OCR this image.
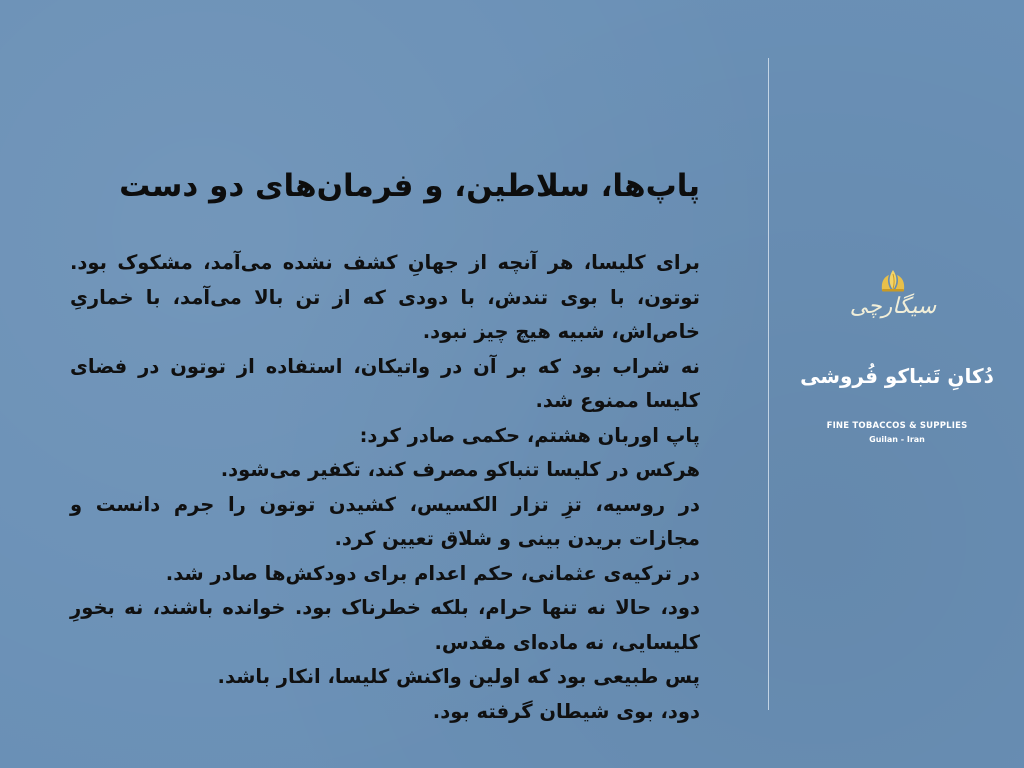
پاپ‌ها، سلاطین، و فرمان‌های دو دست

برای کلیسا، هر آنچه از جهانِ کشف نشده می‌آمد، مشکوک بود. توتون، با بوی تندش، با دودی که از تن بالا می‌آمد، با خماریِ خاص‌اش، شبیه هیچ چیز نبود.

نه شراب بود که بر آن در واتیکان، استفاده از توتون در فضای کلیسا ممنوع شد.

پاپ اوربان هشتم، حکمی صادر کرد:

هرکس در کلیسا تنباکو مصرف کند، تکفیر می‌شود.

در روسیه، تزِ تزار الکسیس، کشیدن توتون را جرم دانست و مجازات بریدن بینی و شلاق تعیین کرد.

در ترکیه‌ی عثمانی، حکم اعدام برای دودکش‌ها صادر شد.

دود، حالا نه تنها حرام، بلکه خطرناک بود. خوانده باشند، نه بخورِ کلیسایی، نه ماده‌ای مقدس.

پس طبیعی بود که اولین واکنش کلیسا، انکار باشد.

دود، بوی شیطان گرفته بود.

سیگارچی
دُکانِ تَنباکو فُروشی
FINE TOBACCOS & SUPPLIES
Guilan - Iran
